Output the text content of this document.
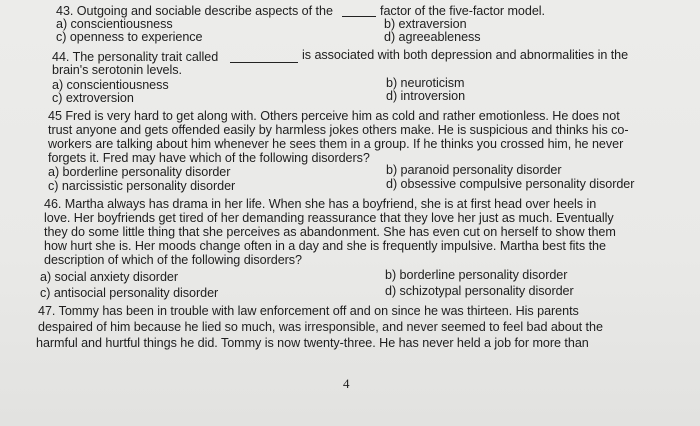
43. Outgoing and sociable describe aspects of the	factor of the five-factor model.
a) conscientiousness	b) extraversion
c) openness to experience	d) agreeableness
44. The personality trait called	is associated with both depression and abnormalities in the
brain's serotonin levels.
a) conscientiousness	b) neuroticism
c) extroversion	d) introversion
45 Fred is very hard to get along with. Others perceive him as cold and rather emotionless. He does not
trust anyone and gets offended easily by harmless jokes others make. He is suspicious and thinks his co-
workers are talking about him whenever he sees them in a group. If he thinks you crossed him, he never
forgets it. Fred may have which of the following disorders?
a) borderline personality disorder	b) paranoid personality disorder
c) narcissistic personality disorder	d) obsessive compulsive personality disorder
46. Martha always has drama in her life. When she has a boyfriend, she is at first head over heels in
love. Her boyfriends get tired of her demanding reassurance that they love her just as much. Eventually
they do some little thing that she perceives as abandonment. She has even cut on herself to show them
how hurt she is. Her moods change often in a day and she is frequently impulsive. Martha best fits the
description of which of the following disorders?
a) social anxiety disorder	b) borderline personality disorder
c) antisocial personality disorder	d) schizotypal personality disorder
47. Tommy has been in trouble with law enforcement off and on since he was thirteen. His parents
despaired of him because he lied so much, was irresponsible, and never seemed to feel bad about the
harmful and hurtful things he did. Tommy is now twenty-three. He has never held a job for more than
4
